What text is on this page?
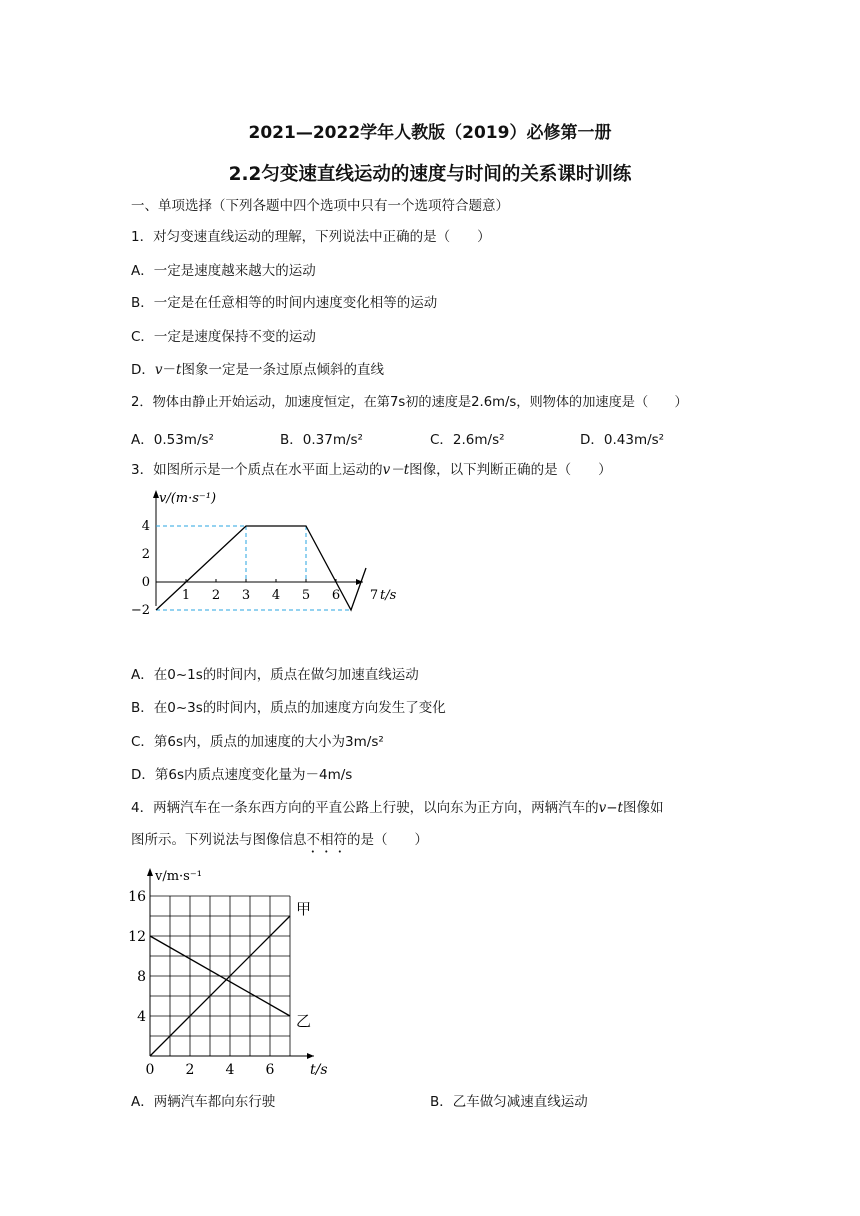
2021—2022学年人教版（2019）必修第一册
2.2匀变速直线运动的速度与时间的关系课时训练
一、单项选择（下列各题中四个选项中只有一个选项符合题意）
1．对匀变速直线运动的理解，下列说法中正确的是（　　）
A．一定是速度越来越大的运动
B．一定是在任意相等的时间内速度变化相等的运动
C．一定是速度保持不变的运动
D．v－t图象一定是一条过原点倾斜的直线
2．物体由静止开始运动，加速度恒定，在第7s初的速度是2.6m/s，则物体的加速度是（　　）
A．0.53m/s²	B．0.37m/s²	C．2.6m/s²	D．0.43m/s²
3．如图所示是一个质点在水平面上运动的v－t图像，以下判断正确的是（　　）
v/(m·s⁻¹)
t/s
4
2
0
−2
1 2 3 4 5 6 7
A．在0~1s的时间内，质点在做匀加速直线运动
B．在0~3s的时间内，质点的加速度方向发生了变化
C．第6s内，质点的加速度的大小为3m/s²
D．第6s内质点速度变化量为－4m/s
4．两辆汽车在一条东西方向的平直公路上行驶，以向东为正方向，两辆汽车的v−t图像如
图所示。下列说法与图像信息不相符的是（　　）
v/m·s⁻¹
t/s
16
12
8
4
0 2 4 6
甲
乙
A．两辆汽车都向东行驶	B．乙车做匀减速直线运动
